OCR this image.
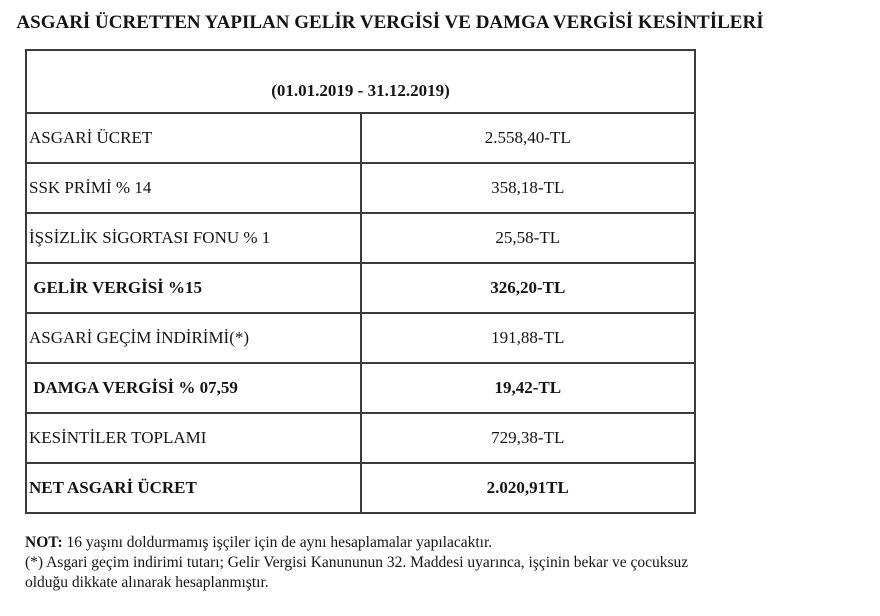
ASGARİ ÜCRETTEN YAPILAN GELİR VERGİSİ VE DAMGA VERGİSİ KESİNTİLERİ
(01.01.2019 - 31.12.2019)	
ASGARİ ÜCRET	2.558,40-TL
SSK PRİMİ % 14	358,18-TL
İŞSİZLİK SİGORTASI FONU % 1	25,58-TL
GELİR VERGİSİ %15	326,20-TL
ASGARİ GEÇİM İNDİRİMİ(*)	191,88-TL
DAMGA VERGİSİ % 07,59	19,42-TL
KESİNTİLER TOPLAMI	729,38-TL
NET ASGARİ ÜCRET	2.020,91TL

NOT: 16 yaşını doldurmamış işçiler için de aynı hesaplamalar yapılacaktır.

(*) Asgari geçim indirimi tutarı; Gelir Vergisi Kanununun 32. Maddesi uyarınca, işçinin bekar ve çocuksuz olduğu dikkate alınarak hesaplanmıştır.
